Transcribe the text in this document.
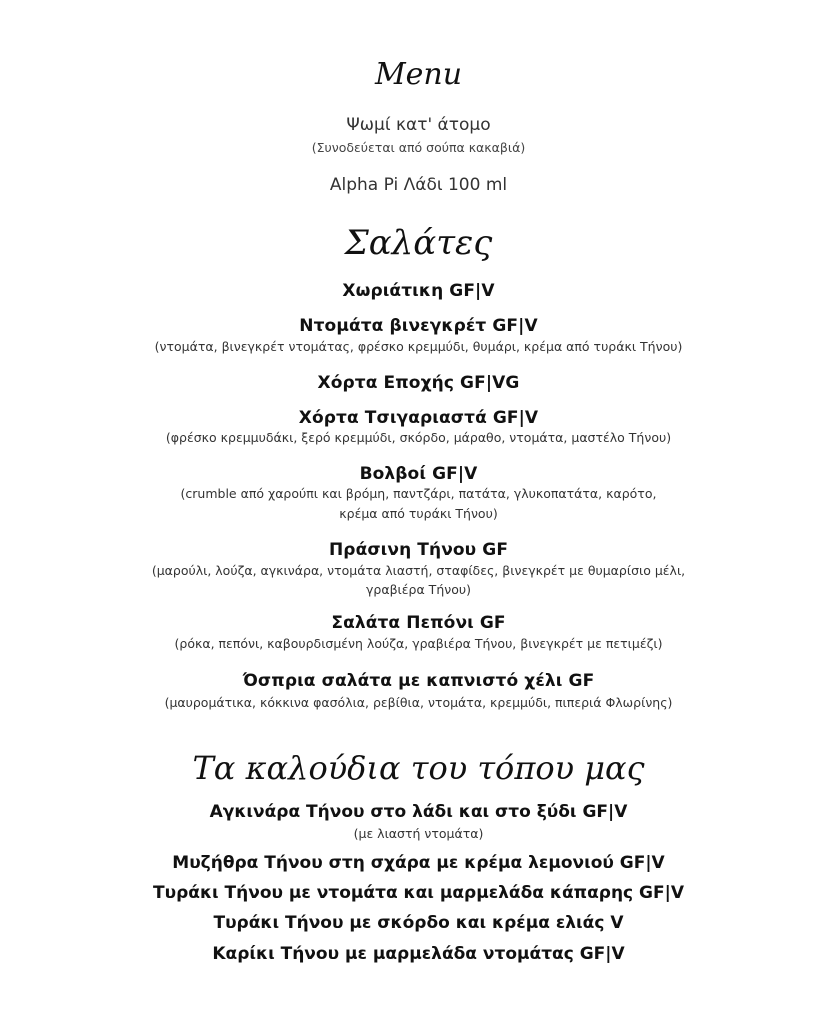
Menu
Ψωμί κατ' άτομο
(Συνοδεύεται από σούπα κακαβιά)
Alpha Pi Λάδι 100 ml
Σαλάτες
Χωριάτικη GF|V
Ντομάτα βινεγκρέτ GF|V
(ντομάτα, βινεγκρέτ ντομάτας, φρέσκο κρεμμύδι, θυμάρι, κρέμα από τυράκι Τήνου)
Χόρτα Εποχής GF|VG
Χόρτα Τσιγαριαστά GF|V
(φρέσκο κρεμμυδάκι, ξερό κρεμμύδι, σκόρδο, μάραθο, ντομάτα, μαστέλο Τήνου)
Βολβοί GF|V
(crumble από χαρούπι και βρόμη, παντζάρι, πατάτα, γλυκοπατάτα, καρότο,
κρέμα από τυράκι Τήνου)
Πράσινη Τήνου GF
(μαρούλι, λούζα, αγκινάρα, ντομάτα λιαστή, σταφίδες, βινεγκρέτ με θυμαρίσιο μέλι,
γραβιέρα Τήνου)
Σαλάτα Πεπόνι GF
(ρόκα, πεπόνι, καβουρδισμένη λούζα, γραβιέρα Τήνου, βινεγκρέτ με πετιμέζι)
Όσπρια σαλάτα με καπνιστό χέλι GF
(μαυρομάτικα, κόκκινα φασόλια, ρεβίθια, ντομάτα, κρεμμύδι, πιπεριά Φλωρίνης)
Τα καλούδια του τόπου μας
Αγκινάρα Τήνου στο λάδι και στο ξύδι GF|V
(με λιαστή ντομάτα)
Μυζήθρα Τήνου στη σχάρα με κρέμα λεμονιού GF|V
Τυράκι Τήνου με ντομάτα και μαρμελάδα κάπαρης GF|V
Τυράκι Τήνου με σκόρδο και κρέμα ελιάς V
Καρίκι Τήνου με μαρμελάδα ντομάτας GF|V
